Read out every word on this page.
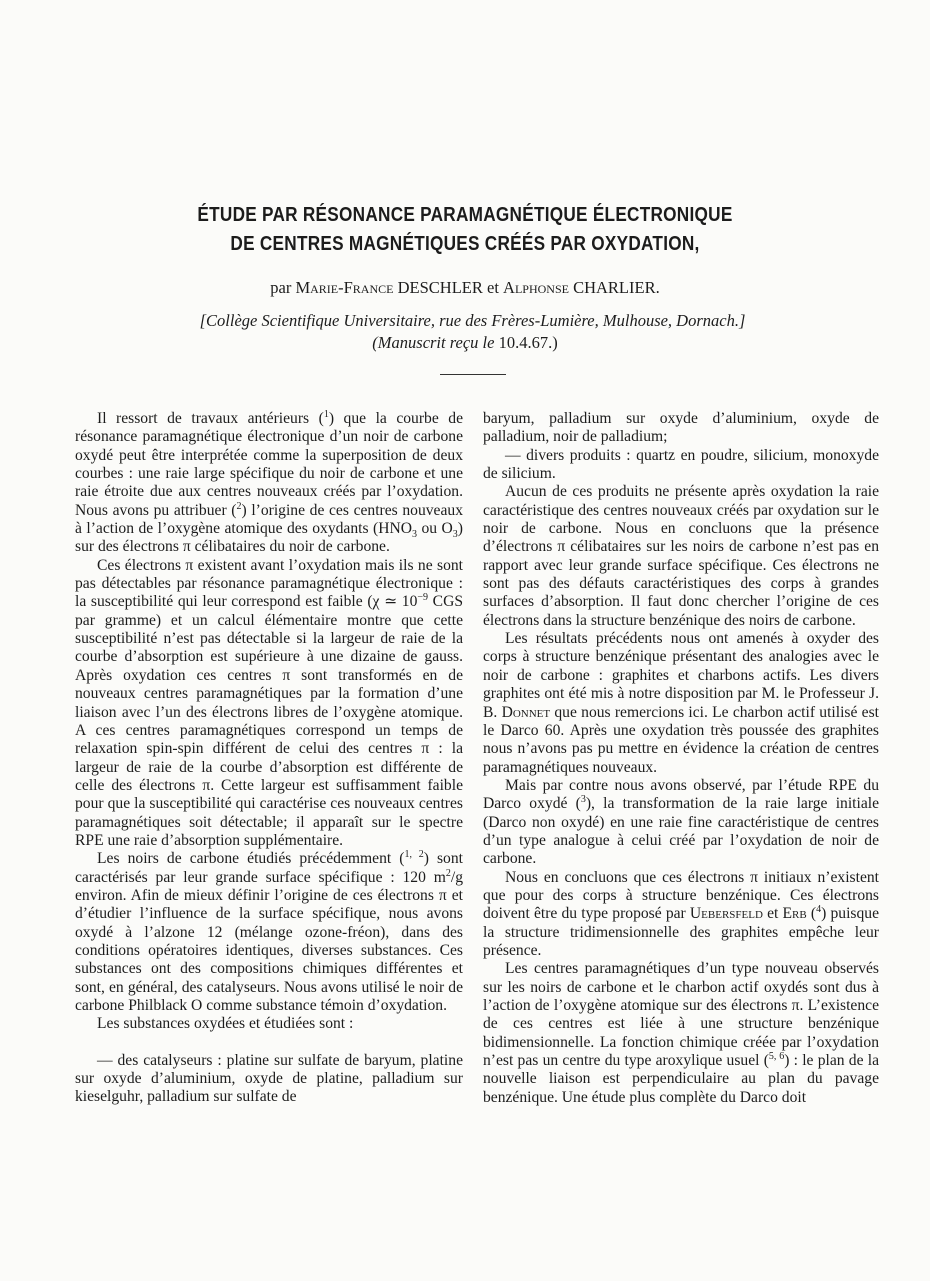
ÉTUDE PAR RÉSONANCE PARAMAGNÉTIQUE ÉLECTRONIQUE
DE CENTRES MAGNÉTIQUES CRÉÉS PAR OXYDATION,
par Marie-France DESCHLER et Alphonse CHARLIER.
[Collège Scientifique Universitaire, rue des Frères-Lumière, Mulhouse, Dornach.]
(Manuscrit reçu le 10.4.67.)

Il ressort de travaux antérieurs ($^1$) que la courbe de résonance paramagnétique électronique d’un noir de carbone oxydé peut être interprétée comme la superposition de deux courbes : une raie large spécifique du noir de carbone et une raie étroite due aux centres nouveaux créés par l’oxydation. Nous avons pu attribuer ($^2$) l’origine de ces centres nouveaux à l’action de l’oxygène atomique des oxydants ($HNO_3$ ou $O_3$) sur des électrons π célibataires du noir de carbone.

Ces électrons π existent avant l’oxydation mais ils ne sont pas détectables par résonance paramagnétique électronique : la susceptibilité qui leur correspond est faible (χ ≃ $10^{-9}$ CGS par gramme) et un calcul élémentaire montre que cette susceptibilité n’est pas détectable si la largeur de raie de la courbe d’absorption est supérieure à une dizaine de gauss. Après oxydation ces centres π sont transformés en de nouveaux centres paramagnétiques par la formation d’une liaison avec l’un des électrons libres de l’oxygène atomique. A ces centres paramagnétiques correspond un temps de relaxation spin-spin différent de celui des centres π : la largeur de raie de la courbe d’absorption est différente de celle des électrons π. Cette largeur est suffisamment faible pour que la susceptibilité qui caractérise ces nouveaux centres paramagnétiques soit détectable; il apparaît sur le spectre RPE une raie d’absorption supplémentaire.

Les noirs de carbone étudiés précédemment ($^{1, 2}$) sont caractérisés par leur grande surface spécifique : 120 $m^2/g$ environ. Afin de mieux définir l’origine de ces électrons π et d’étudier l’influence de la surface spécifique, nous avons oxydé à l’alzone 12 (mélange ozone-fréon), dans des conditions opératoires identiques, diverses substances. Ces substances ont des compositions chimiques différentes et sont, en général, des catalyseurs. Nous avons utilisé le noir de carbone Philblack O comme substance témoin d’oxydation.

Les substances oxydées et étudiées sont :

— des catalyseurs : platine sur sulfate de baryum, platine sur oxyde d’aluminium, oxyde de platine, palladium sur kieselguhr, palladium sur sulfate de

baryum, palladium sur oxyde d’aluminium, oxyde de palladium, noir de palladium;

— divers produits : quartz en poudre, silicium, monoxyde de silicium.

Aucun de ces produits ne présente après oxydation la raie caractéristique des centres nouveaux créés par oxydation sur le noir de carbone. Nous en concluons que la présence d’électrons π célibataires sur les noirs de carbone n’est pas en rapport avec leur grande surface spécifique. Ces électrons ne sont pas des défauts caractéristiques des corps à grandes surfaces d’absorption. Il faut donc chercher l’origine de ces électrons dans la structure benzénique des noirs de carbone.

Les résultats précédents nous ont amenés à oxyder des corps à structure benzénique présentant des analogies avec le noir de carbone : graphites et charbons actifs. Les divers graphites ont été mis à notre disposition par M. le Professeur J. B. Donnet que nous remercions ici. Le charbon actif utilisé est le Darco 60. Après une oxydation très poussée des graphites nous n’avons pas pu mettre en évidence la création de centres paramagnétiques nouveaux.

Mais par contre nous avons observé, par l’étude RPE du Darco oxydé ($^3$), la transformation de la raie large initiale (Darco non oxydé) en une raie fine caractéristique de centres d’un type analogue à celui créé par l’oxydation de noir de carbone.

Nous en concluons que ces électrons π initiaux n’existent que pour des corps à structure benzénique. Ces électrons doivent être du type proposé par Uebersfeld et Erb ($^4$) puisque la structure tridimensionnelle des graphites empêche leur présence.

Les centres paramagnétiques d’un type nouveau observés sur les noirs de carbone et le charbon actif oxydés sont dus à l’action de l’oxygène atomique sur des électrons π. L’existence de ces centres est liée à une structure benzénique bidimensionnelle. La fonction chimique créée par l’oxydation n’est pas un centre du type aroxylique usuel ($^{5, 6}$) : le plan de la nouvelle liaison est perpendiculaire au plan du pavage benzénique. Une étude plus complète du Darco doit
